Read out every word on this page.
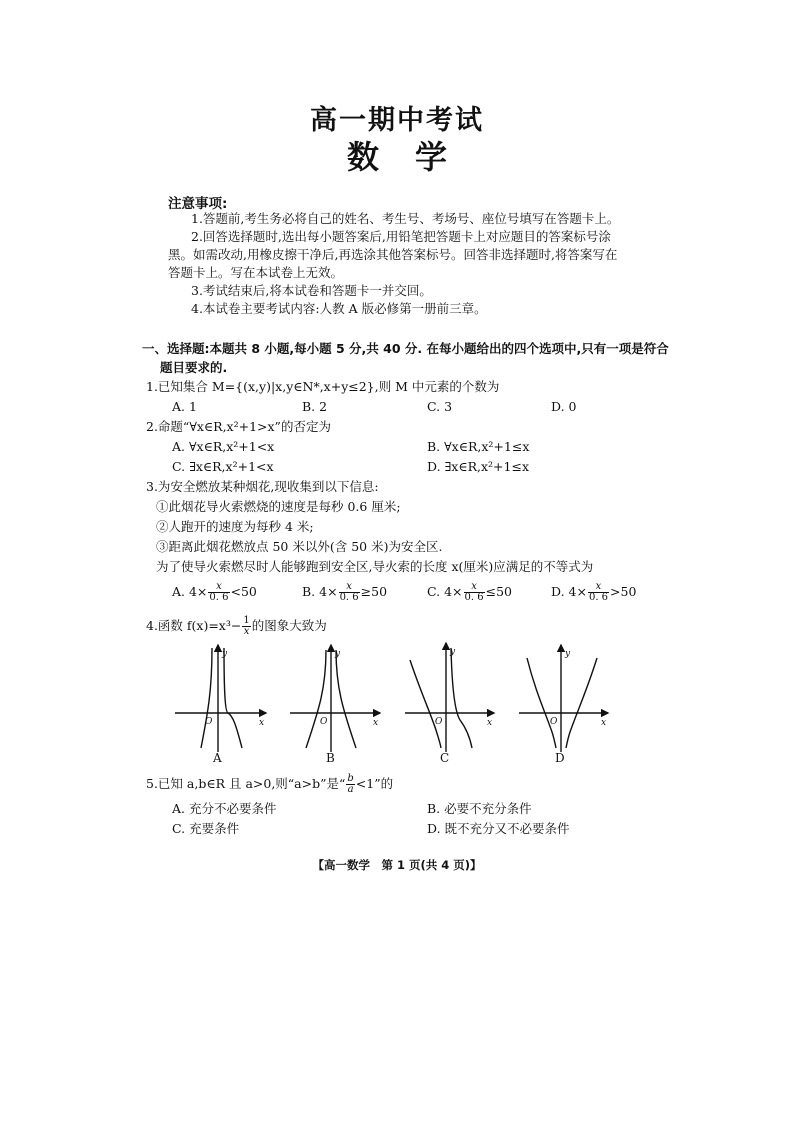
高一期中考试
数学
注意事项:
1.答题前,考生务必将自己的姓名、考生号、考场号、座位号填写在答题卡上。
2.回答选择题时,选出每小题答案后,用铅笔把答题卡上对应题目的答案标号涂
黑。如需改动,用橡皮擦干净后,再选涂其他答案标号。回答非选择题时,将答案写在
答题卡上。写在本试卷上无效。
3.考试结束后,将本试卷和答题卡一并交回。
4.本试卷主要考试内容:人教 A 版必修第一册前三章。
一、选择题:本题共 8 小题,每小题 5 分,共 40 分. 在每小题给出的四个选项中,只有一项是符合
题目要求的.
1.已知集合 M={(x,y)|x,y∈N*,x+y≤2},则 M 中元素的个数为
A. 1	B. 2	C. 3	D. 0
2.命题“∀x∈R,x²+1>x”的否定为
A. ∀x∈R,x²+1<x	B. ∀x∈R,x²+1≤x
C. ∃x∈R,x²+1<x	D. ∃x∈R,x²+1≤x
3.为安全燃放某种烟花,现收集到以下信息:
①此烟花导火索燃烧的速度是每秒 0.6 厘米;
②人跑开的速度为每秒 4 米;
③距离此烟花燃放点 50 米以外(含 50 米)为安全区.
为了使导火索燃尽时人能够跑到安全区,导火索的长度 x(厘米)应满足的不等式为
A. $4\times \frac{x}{0. 6} <50$	B. $4\times \frac{x}{0. 6} \ge 50$	C. $4\times \frac{x}{0. 6} \le 50$	D. $4\times \frac{x}{0. 6} >50$
4.函数 $f(x)=x^3- \frac{1}{x}$ 的图象大致为
y
x
O
y
x
O
y
x
O
y
x
O
A	B	C	D
5.已知 a,b∈R 且 a>0,则“a>b”是“ $\frac{b}{a} <1$”的
A. 充分不必要条件	B. 必要不充分条件
C. 充要条件	D. 既不充分又不必要条件
【高一数学　第 1 页(共 4 页)】
